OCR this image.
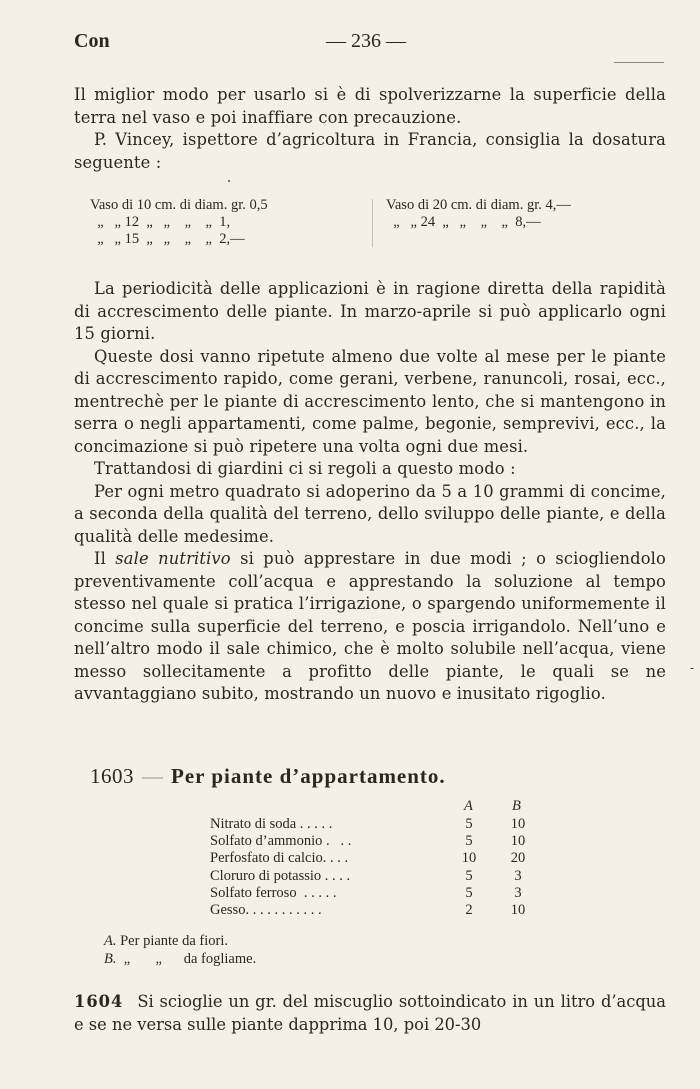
Con	— 236 —

Il miglior modo per usarlo si è di spolverizzarne la superficie della terra nel vaso e poi inaffiare con precauzione.

P. Vincey, ispettore d’agricoltura in Francia, consiglia la dosatura seguente :

Vaso di 10 cm. di diam. gr. 0,5
„   „ 12  „   „    „    „  1,
„   „ 15  „   „    „    „  2,—
Vaso di 20 cm. di diam. gr. 4,—
„   „ 24  „   „    „    „  8,—

La periodicità delle applicazioni è in ragione diretta della rapidità di accrescimento delle piante. In marzo-aprile si può applicarlo ogni 15 giorni.

Queste dosi vanno ripetute almeno due volte al mese per le piante di accrescimento rapido, come gerani, verbene, ranuncoli, rosai, ecc., mentrechè per le piante di accrescimento lento, che si mantengono in serra o negli appartamenti, come palme, begonie, semprevivi, ecc., la concimazione si può ripetere una volta ogni due mesi.

Trattandosi di giardini ci si regoli a questo modo :

Per ogni metro quadrato si adoperino da 5 a 10 grammi di concime, a seconda della qualità del terreno, dello sviluppo delle piante, e della qualità delle medesime.

Il sale nutritivo si può apprestare in due modi ; o sciogliendolo preventivamente coll’acqua e apprestando la soluzione al tempo stesso nel quale si pratica l’irrigazione, o spargendo uniformemente il concime sulla superficie del terreno, e poscia irrigandolo. Nell’uno e nell’altro modo il sale chimico, che è molto solubile nell’acqua, viene messo sollecitamente a profitto delle piante, le quali se ne avvantaggiano subito, mostrando un nuovo e inusitato rigoglio.

-
1603 — Per piante d’appartamento.
A	B
Nitrato di soda . . . . .	5	10
Solfato d’ammonio .   . .	5	10
Perfosfato di calcio. . . .	10 20
Cloruro di potassio . . . .	5	3
Solfato ferroso  . . . . .	5	3
Gesso. . . . . . . . . . .	2	10
A. Per piante da fiori.
B.  „       „      da fogliame.
1604 Si scioglie un gr. del miscuglio sottoindicato in un litro d’acqua e se ne versa sulle piante dapprima 10, poi 20-30
